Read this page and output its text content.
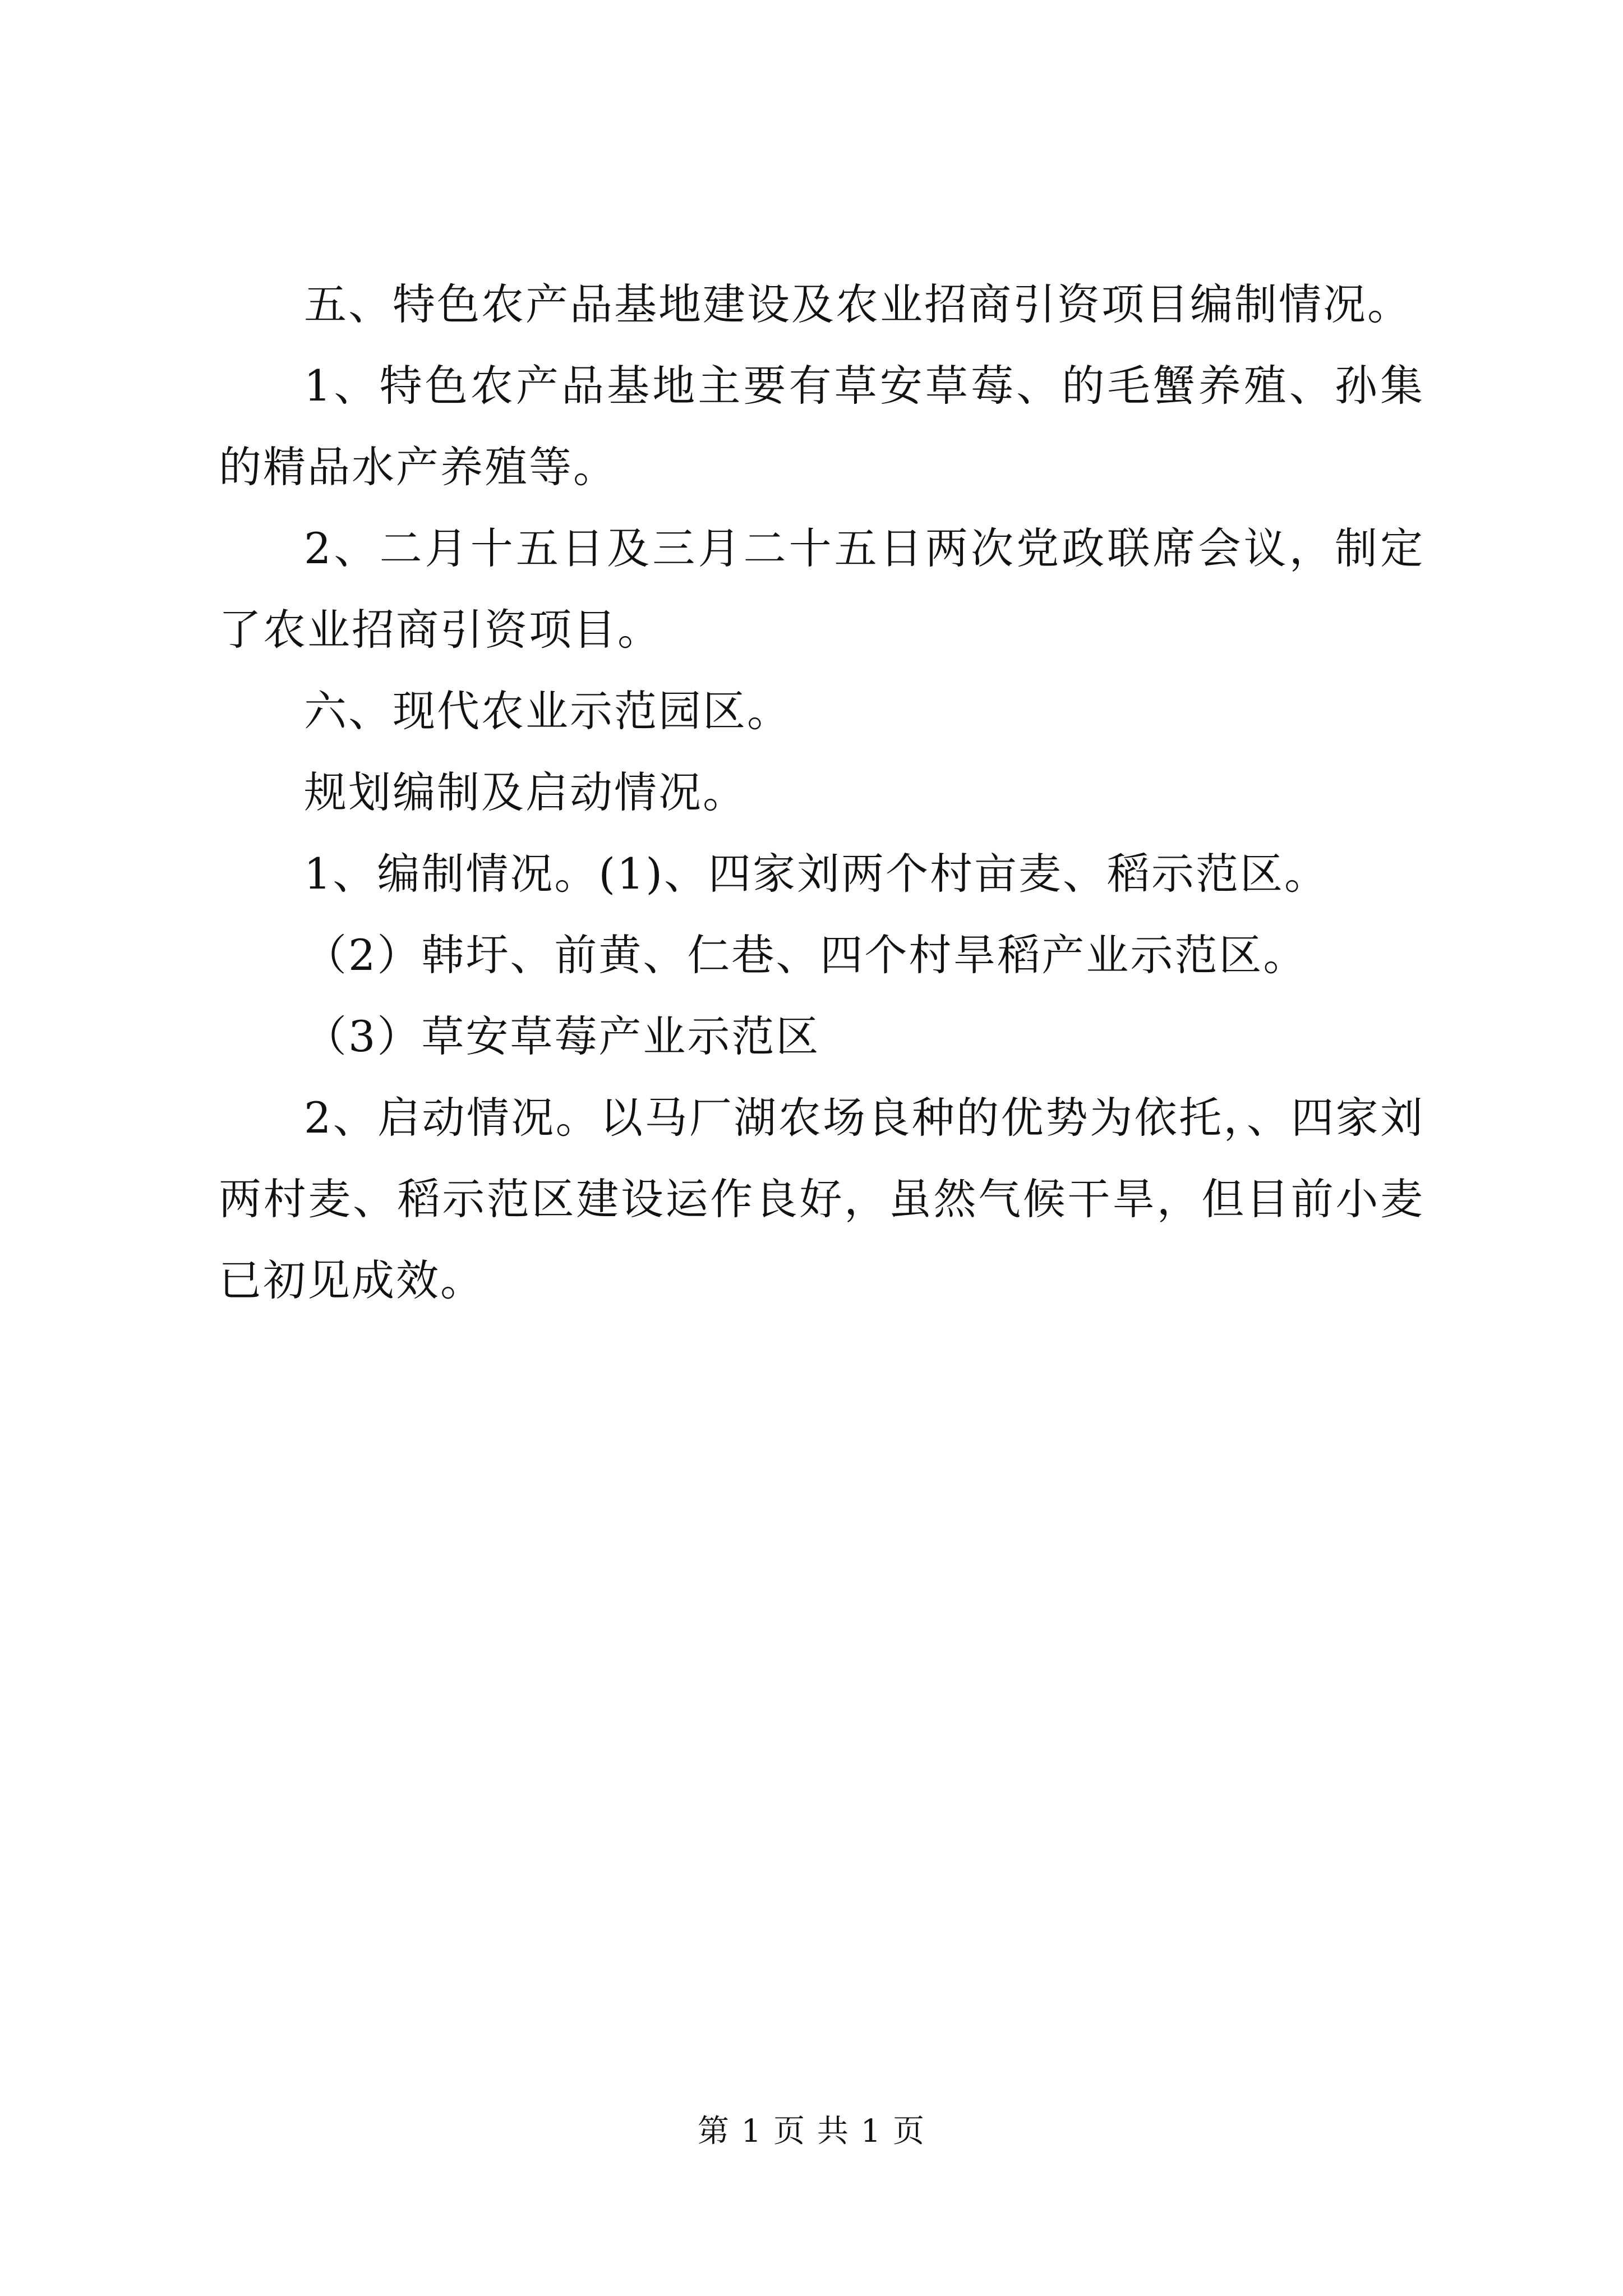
五、特色农产品基地建设及农业招商引资项目编制情况。

1、特色农产品基地主要有草安草莓、的毛蟹养殖、孙集的精品水产养殖等。

2、二月十五日及三月二十五日两次党政联席会议，制定了农业招商引资项目。

六、现代农业示范园区。

规划编制及启动情况。

1、编制情况。(1)、四家刘两个村亩麦、稻示范区。

（2）韩圩、前黄、仁巷、四个村旱稻产业示范区。

（3）草安草莓产业示范区

2、启动情况。以马厂湖农场良种的优势为依托，、四家刘两村麦、稻示范区建设运作良好，虽然气候干旱，但目前小麦已初见成效。

第 1 页 共 1 页
